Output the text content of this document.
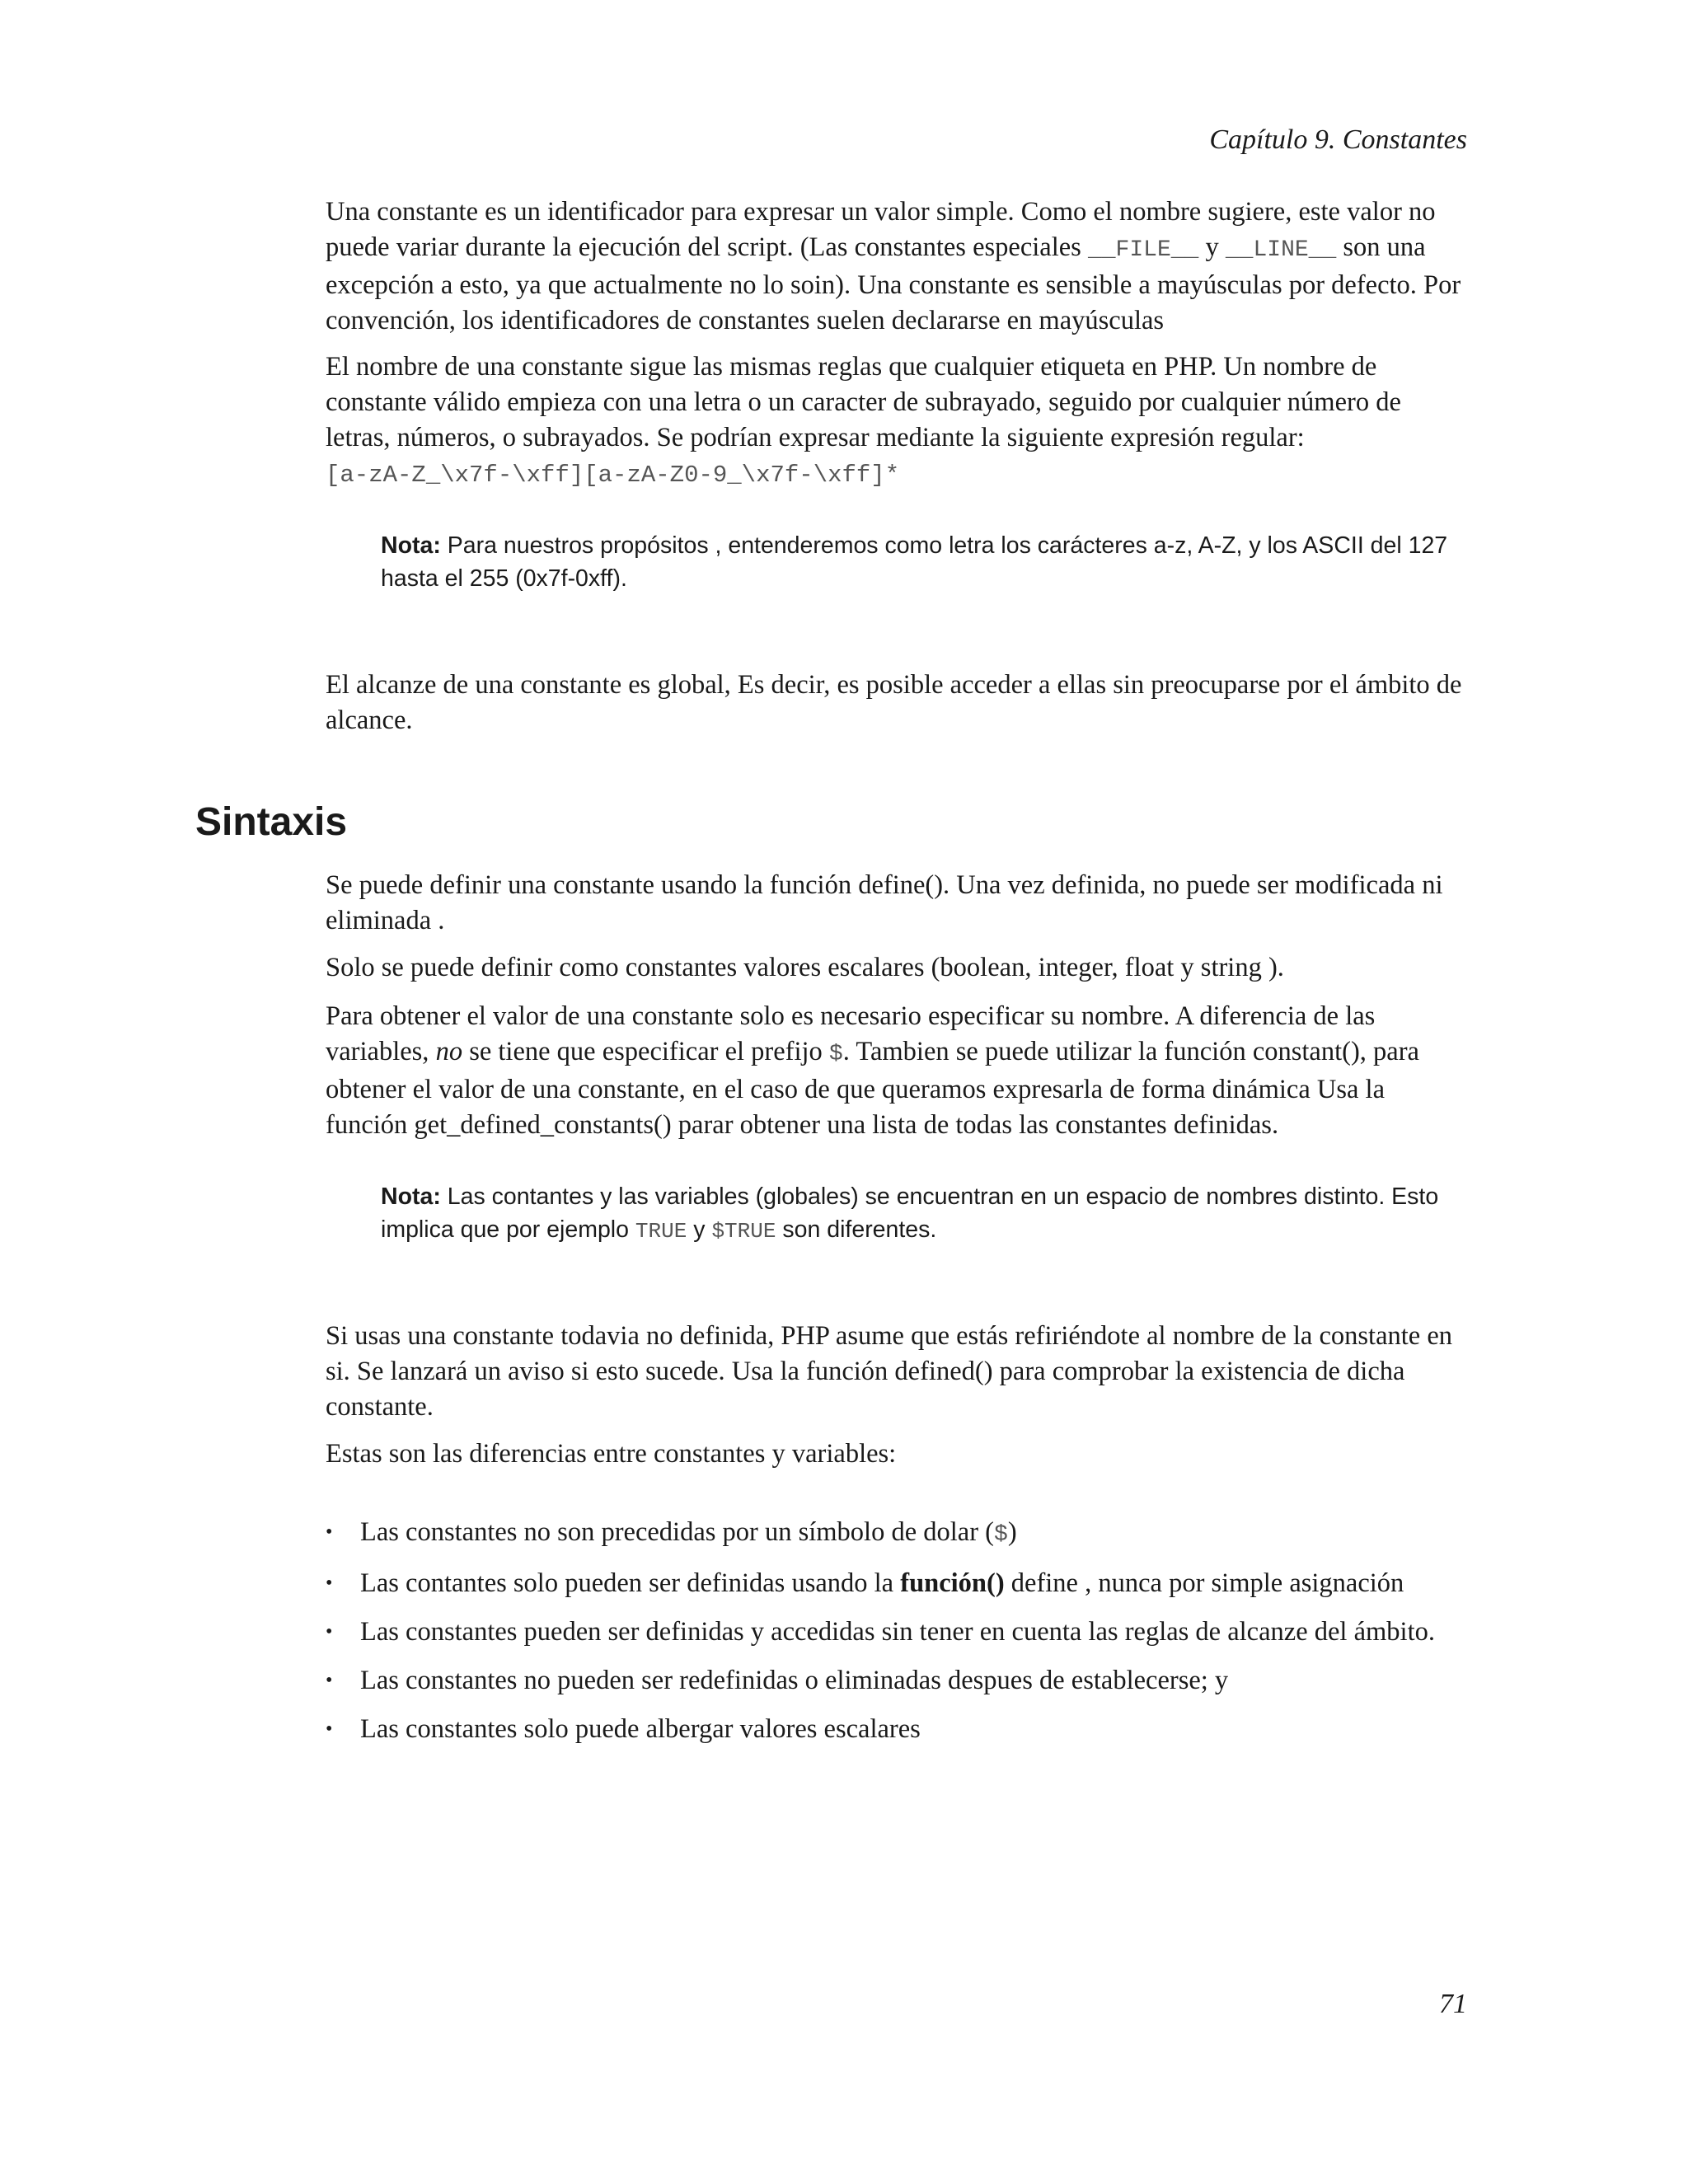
Capítulo 9. Constantes

Una constante es un identificador para expresar un valor simple. Como el nombre sugiere, este valor no puede variar durante la ejecución del script. (Las constantes especiales __FILE__ y __LINE__ son una excepción a esto, ya que actualmente no lo soin). Una constante es sensible a mayúsculas por defecto. Por convención, los identificadores de constantes suelen declararse en mayúsculas

El nombre de una constante sigue las mismas reglas que cualquier etiqueta en PHP. Un nombre de constante válido empieza con una letra o un caracter de subrayado, seguido por cualquier número de letras, números, o subrayados. Se podrían expresar mediante la siguiente expresión regular:
[a-zA-Z_\x7f-\xff][a-zA-Z0-9_\x7f-\xff]*
Nota: Para nuestros propósitos , entenderemos como letra los carácteres a-z, A-Z, y los ASCII del 127 hasta el 255 (0x7f-0xff).
El alcanze de una constante es global, Es decir, es posible acceder a ellas sin preocuparse por el ámbito de alcance.
Sintaxis
Se puede definir una constante usando la función define(). Una vez definida, no puede ser modificada ni eliminada .
Solo se puede definir como constantes valores escalares (boolean, integer, float y string ).

Para obtener el valor de una constante solo es necesario especificar su nombre. A diferencia de las variables, no se tiene que especificar el prefijo $. Tambien se puede utilizar la función constant(), para obtener el valor de una constante, en el caso de que queramos expresarla de forma dinámica Usa la función get_defined_constants() parar obtener una lista de todas las constantes definidas.

Nota: Las contantes y las variables (globales) se encuentran en un espacio de nombres distinto. Esto implica que por ejemplo TRUE y $TRUE son diferentes.
Si usas una constante todavia no definida, PHP asume que estás refiriéndote al nombre de la constante en si. Se lanzará un aviso si esto sucede. Usa la función defined() para comprobar la existencia de dicha constante.
Estas son las diferencias entre constantes y variables:
• Las constantes no son precedidas por un símbolo de dolar ($)
• Las contantes solo pueden ser definidas usando la función() define , nunca por simple asignación
• Las constantes pueden ser definidas y accedidas sin tener en cuenta las reglas de alcanze del ámbito.
• Las constantes no pueden ser redefinidas o eliminadas despues de establecerse; y
• Las constantes solo puede albergar valores escalares
71
